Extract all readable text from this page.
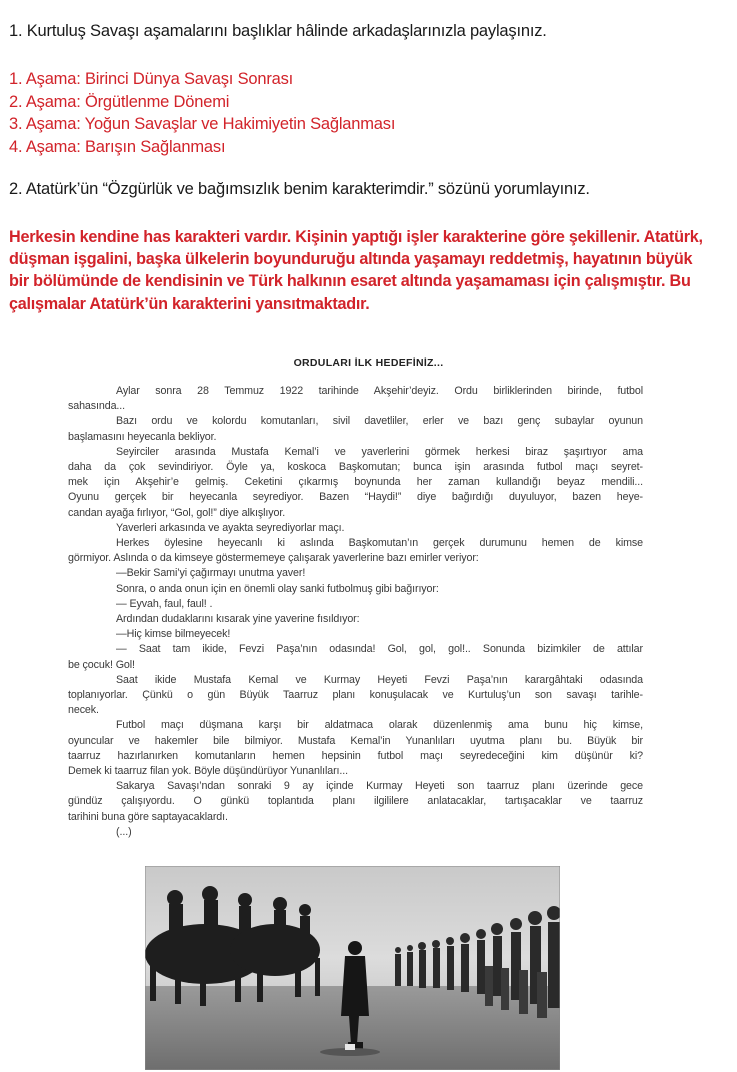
1. Kurtuluş Savaşı aşamalarını başlıklar hâlinde arkadaşlarınızla paylaşınız.
1. Aşama: Birinci Dünya Savaşı Sonrası
2. Aşama: Örgütlenme Dönemi
3. Aşama: Yoğun Savaşlar ve Hakimiyetin Sağlanması
4. Aşama: Barışın Sağlanması
2. Atatürk’ün “Özgürlük ve bağımsızlık benim karakterimdir.” sözünü yorumlayınız.
Herkesin kendine has karakteri vardır. Kişinin yaptığı işler karakterine göre şekillenir. Atatürk,
düşman işgalini, başka ülkelerin boyunduruğu altında yaşamayı reddetmiş, hayatının büyük
bir bölümünde de kendisinin ve Türk halkının esaret altında yaşamaması için çalışmıştır. Bu
çalışmalar Atatürk’ün karakterini yansıtmaktadır.
ORDULARI İLK HEDEFİNİZ...
Aylar sonra 28 Temmuz 1922 tarihinde Akşehir’deyiz. Ordu birliklerinden birinde, futbol
sahasında...
Bazı ordu ve kolordu komutanları, sivil davetliler, erler ve bazı genç subaylar oyunun
başlamasını heyecanla bekliyor.
Seyirciler arasında Mustafa Kemal’i ve yaverlerini görmek herkesi biraz şaşırtıyor ama
daha da çok sevindiriyor. Öyle ya, koskoca Başkomutan; bunca işin arasında futbol maçı seyret-
mek için Akşehir’e gelmiş. Ceketini çıkarmış boynunda her zaman kullandığı beyaz mendili...
Oyunu gerçek bir heyecanla seyrediyor. Bazen “Haydi!” diye bağırdığı duyuluyor, bazen heye-
candan ayağa fırlıyor, “Gol, gol!” diye alkışlıyor.
Yaverleri arkasında ve ayakta seyrediyorlar maçı.
Herkes öylesine heyecanlı ki aslında Başkomutan’ın gerçek durumunu hemen de kimse
görmiyor. Aslında o da kimseye göstermemeye çalışarak yaverlerine bazı emirler veriyor:
—Bekir Sami’yi çağırmayı unutma yaver!
Sonra, o anda onun için en önemli olay sanki futbolmuş gibi bağırıyor:
— Eyvah, faul, faul! .
Ardından dudaklarını kısarak yine yaverine fısıldıyor:
—Hiç kimse bilmeyecek!
— Saat tam ikide, Fevzi Paşa’nın odasında! Gol, gol, gol!.. Sonunda bizimkiler de attılar
be çocuk! Gol!
Saat ikide Mustafa Kemal ve Kurmay Heyeti Fevzi Paşa’nın karargâhtaki odasında
toplanıyorlar. Çünkü o gün Büyük Taarruz planı konuşulacak ve Kurtuluş’un son savaşı tarihle-
necek.
Futbol maçı düşmana karşı bir aldatmaca olarak düzenlenmiş ama bunu hiç kimse,
oyuncular ve hakemler bile bilmiyor. Mustafa Kemal’in Yunanlıları uyutma planı bu. Büyük bir
taarruz hazırlanırken komutanların hemen hepsinin futbol maçı seyredeceğini kim düşünür ki?
Demek ki taarruz filan yok. Böyle düşündürüyor Yunanlıları...
Sakarya Savaşı’ndan sonraki 9 ay içinde Kurmay Heyeti son taarruz planı üzerinde gece
gündüz çalışıyordu. O günkü toplantıda planı ilgililere anlatacaklar, tartışacaklar ve taarruz
tarihini buna göre saptayacaklardı.
(...)
